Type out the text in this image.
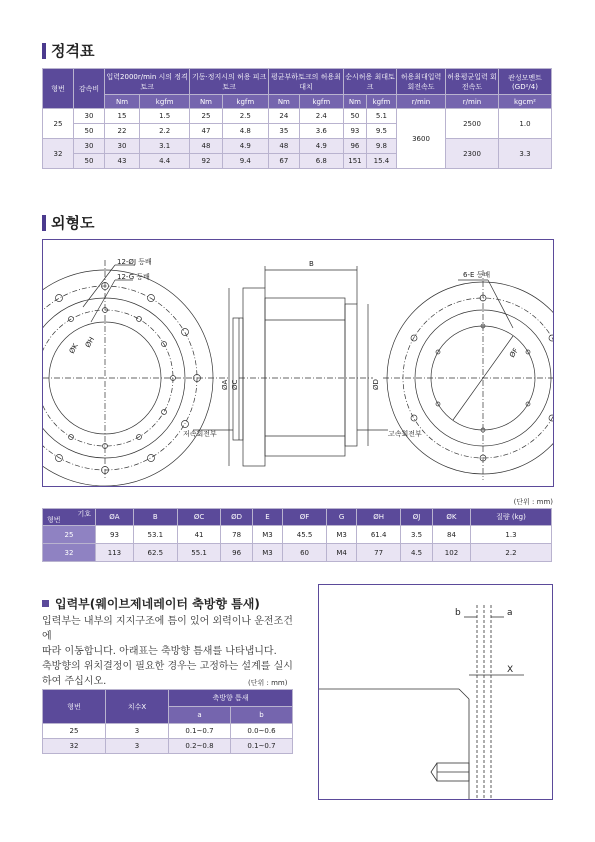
정격표
형번	감속비	입력2000r/min 시의 정격토크		기동·정지시의 허용 피크토크		평균부하토크의 허용최대치		순시허용 최대토크		허용최대입력 회전속도	허용평균입력 회전속도	관성모멘트 (GD²/4)
		Nm	kgfm	Nm	kgfm	Nm	kgfm	Nm	kgfm	r/min	r/min	kgcm²
25	30	15	1.5	25	2.5	24	2.4	50	5.1	3600	2500	1.0
	50	22	2.2	47	4.8	35	3.6	93	9.5			
32	30	30	3.1	48	4.9	48	4.9	96	9.8		2300	3.3
	50	43	4.4	92	9.4	67	6.8	151	15.4			
외형도
12-ØJ 등배
12-G 등배
ØK ØH
B
ØA ØC	ØD
저속회전부	고속회전부
6-E 등배
ØF
(단위 : mm)
기호
형번	ØA	B	ØC	ØD	E	ØF	G	ØH	ØJ	ØK	질량 (kg)
25	93	53.1	41	78	M3	45.5	M3	61.4	3.5	84	1.3
32	113	62.5	55.1	96	M3	60	M4	77	4.5	102	2.2
입력부(웨이브제네레이터 축방향 틈새)

입력부는 내부의 지지구조에 틈이 있어 외력이나 운전조건에

따라 이동합니다. 아래표는 축방향 틈새를 나타냅니다.

축방향의 위치결정이 필요한 경우는 고정하는 설계를 실시

하여 주십시오.	(단위 : mm)
형번	치수X	축방향 틈새	
		a	b
25	3	0.1~0.7	0.0~0.6
32	3	0.2~0.8	0.1~0.7
b	a
X
